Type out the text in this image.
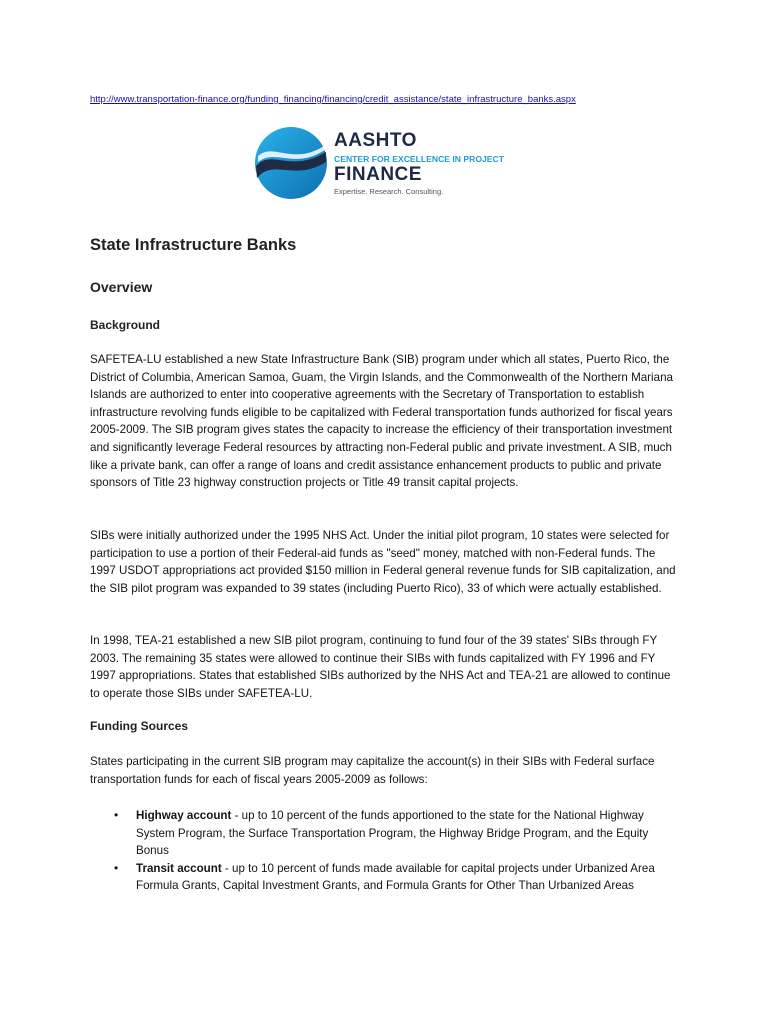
http://www.transportation-finance.org/funding_financing/financing/credit_assistance/state_infrastructure_banks.aspx
AASHTO
CENTER FOR EXCELLENCE IN PROJECT
FINANCE
Expertise. Research. Consulting.
State Infrastructure Banks
Overview
Background

SAFETEA-LU established a new State Infrastructure Bank (SIB) program under which all states, Puerto Rico, the District of Columbia, American Samoa, Guam, the Virgin Islands, and the Commonwealth of the Northern Mariana Islands are authorized to enter into cooperative agreements with the Secretary of Transportation to establish infrastructure revolving funds eligible to be capitalized with Federal transportation funds authorized for fiscal years 2005-2009. The SIB program gives states the capacity to increase the efficiency of their transportation investment and significantly leverage Federal resources by attracting non-Federal public and private investment. A SIB, much like a private bank, can offer a range of loans and credit assistance enhancement products to public and private sponsors of Title 23 highway construction projects or Title 49 transit capital projects.

SIBs were initially authorized under the 1995 NHS Act. Under the initial pilot program, 10 states were selected for participation to use a portion of their Federal-aid funds as "seed" money, matched with non-Federal funds. The 1997 USDOT appropriations act provided $150 million in Federal general revenue funds for SIB capitalization, and the SIB pilot program was expanded to 39 states (including Puerto Rico), 33 of which were actually established.

In 1998, TEA-21 established a new SIB pilot program, continuing to fund four of the 39 states' SIBs through FY 2003. The remaining 35 states were allowed to continue their SIBs with funds capitalized with FY 1996 and FY 1997 appropriations. States that established SIBs authorized by the NHS Act and TEA-21 are allowed to continue to operate those SIBs under SAFETEA-LU.

Funding Sources

States participating in the current SIB program may capitalize the account(s) in their SIBs with Federal surface transportation funds for each of fiscal years 2005-2009 as follows:

• Highway account - up to 10 percent of the funds apportioned to the state for the National Highway System Program, the Surface Transportation Program, the Highway Bridge Program, and the Equity Bonus
• Transit account - up to 10 percent of funds made available for capital projects under Urbanized Area Formula Grants, Capital Investment Grants, and Formula Grants for Other Than Urbanized Areas
